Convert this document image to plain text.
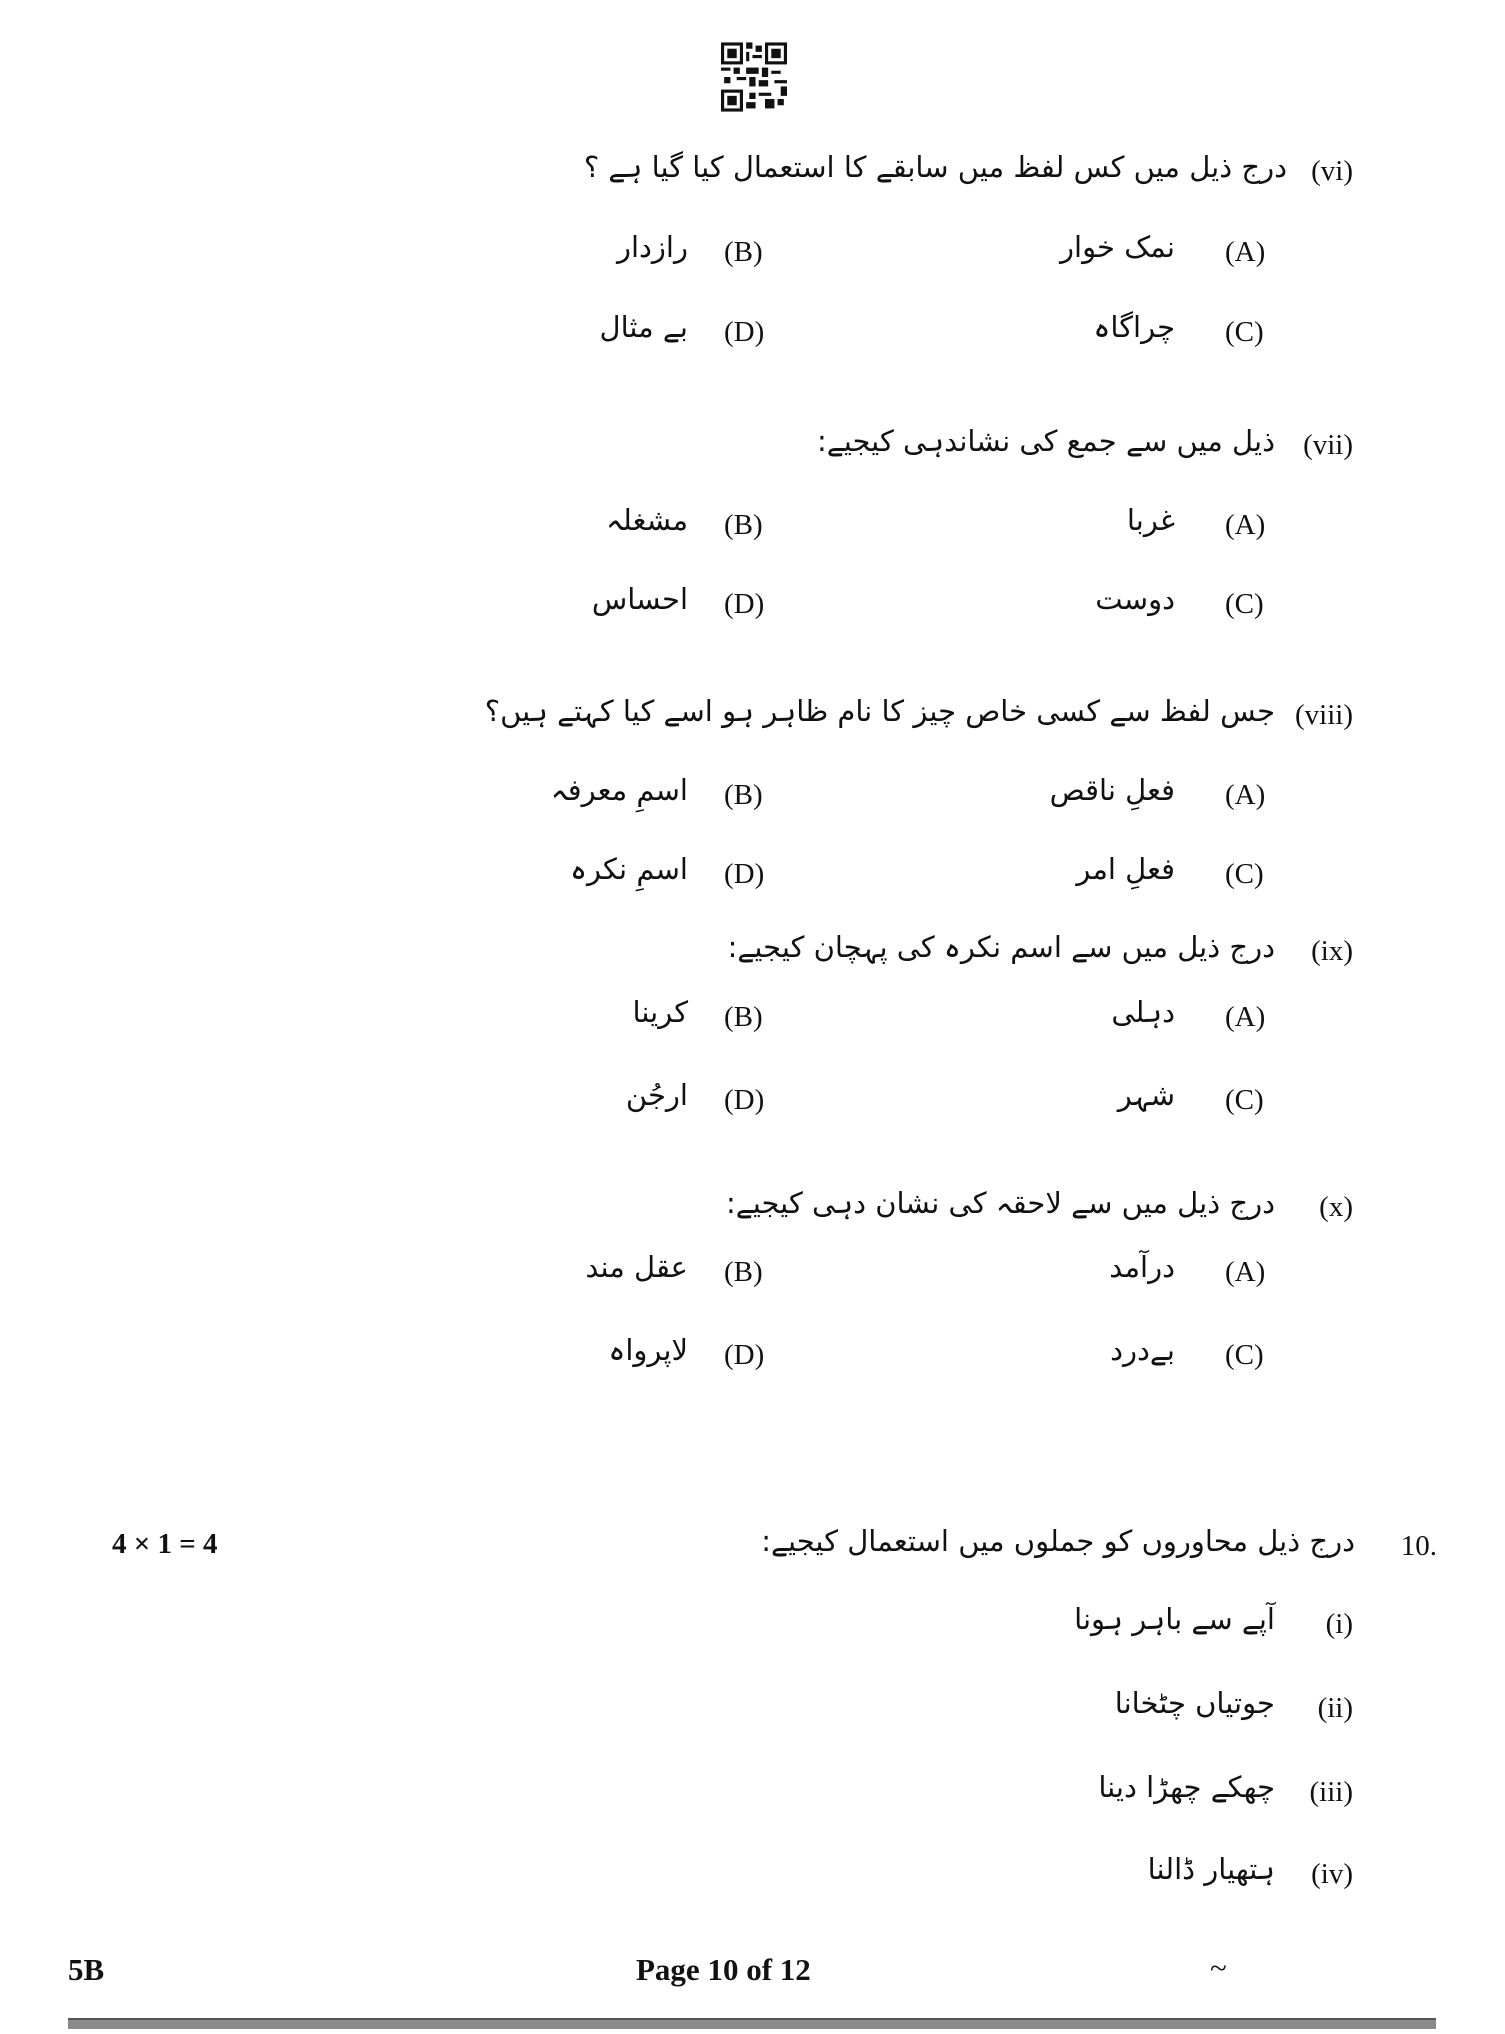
(vi)
درج ذیل میں کس لفظ میں سابقے کا استعمال کیا گیا ہے ؟
(A)
نمک خوار
(B)
رازدار
(C)
چراگاہ
(D)
بے مثال
(vii)
ذیل میں سے جمع کی نشاندہی کیجیے:
(A)
غربا
(B)
مشغلہ
(C)
دوست
(D)
احساس
(viii)
جس لفظ سے کسی خاص چیز کا نام ظاہر ہو اسے کیا کہتے ہیں؟
(A)
فعلِ ناقص
(B)
اسمِ معرفہ
(C)
فعلِ امر
(D)
اسمِ نکرہ
(ix)
درج ذیل میں سے اسم نکرہ کی پہچان کیجیے:
(A)
دہلی
(B)
کرینا
(C)
شہر
(D)
ارجُن
(x)
درج ذیل میں سے لاحقہ کی نشان دہی کیجیے:
(A)
درآمد
(B)
عقل مند
(C)
بےدرد
(D)
لاپرواہ
10.
درج ذیل محاوروں کو جملوں میں استعمال کیجیے:
4 × 1 = 4
(i)
آپے سے باہر ہونا
(ii)
جوتیاں چٹخانا
(iii)
چھکے چھڑا دینا
(iv)
ہتھیار ڈالنا
5B	Page 10 of 12	~
